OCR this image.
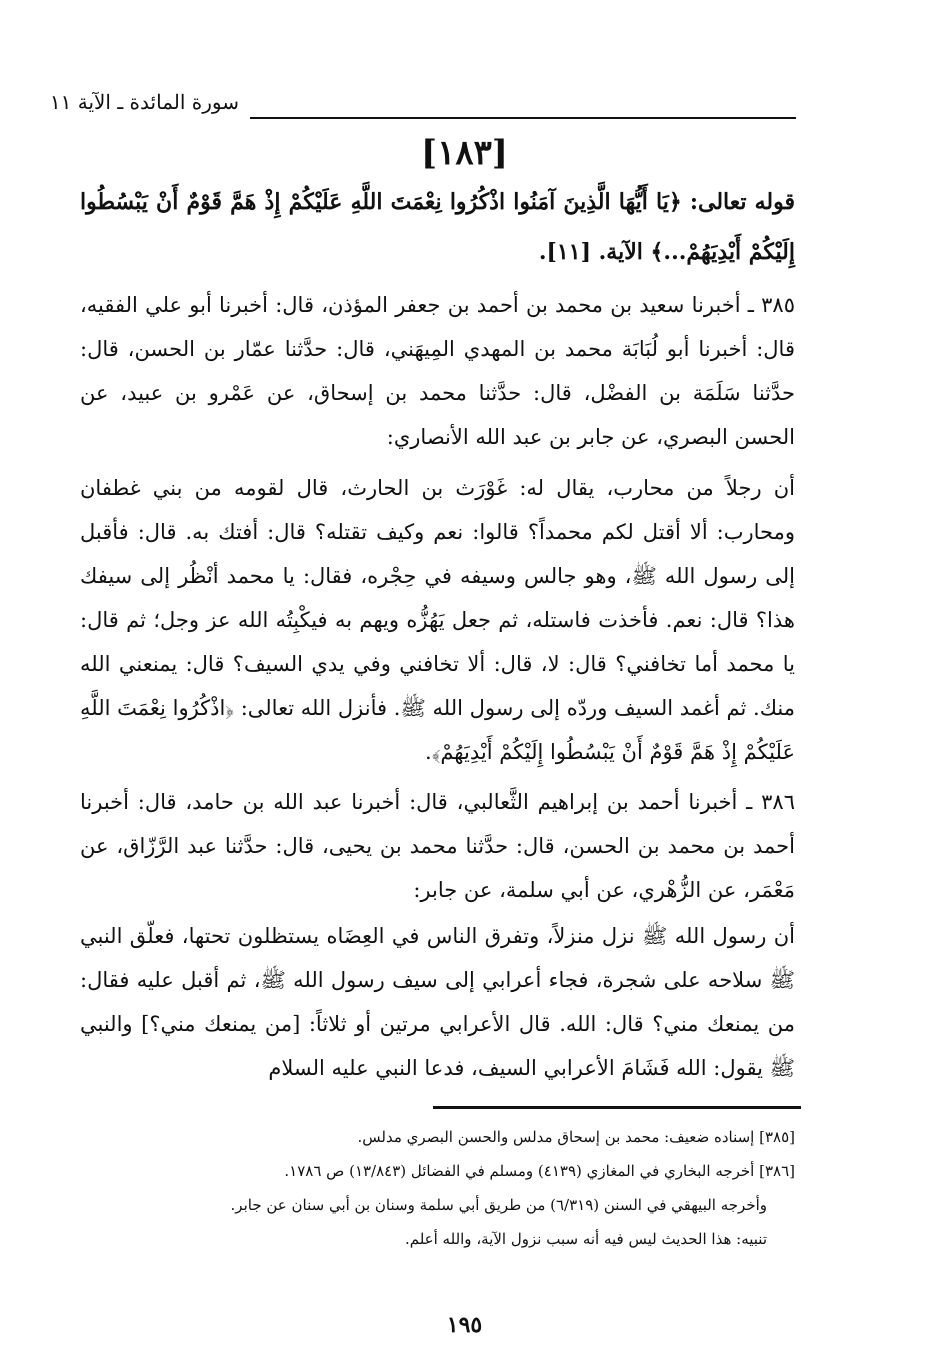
سورة المائدة ـ الآية ١١
[١٨٣]

قوله تعالى: ﴿يَا أَيُّهَا الَّذِينَ آمَنُوا اذْكُرُوا نِعْمَتَ اللَّهِ عَلَيْكُمْ إِذْ هَمَّ قَوْمٌ أَنْ يَبْسُطُوا إِلَيْكُمْ أَيْدِيَهُمْ...﴾ الآية. [١١].

٣٨٥ ـ أخبرنا سعيد بن محمد بن أحمد بن جعفر المؤذن، قال: أخبرنا أبو علي الفقيه، قال: أخبرنا أبو لُبَابَة محمد بن المهدي المِيهَني، قال: حدَّثنا عمّار بن الحسن، قال: حدَّثنا سَلَمَة بن الفضْل، قال: حدَّثنا محمد بن إسحاق، عن عَمْرو بن عبيد، عن الحسن البصري، عن جابر بن عبد الله الأنصاري:

أن رجلاً من محارب، يقال له: غَوْرَث بن الحارث، قال لقومه من بني غطفان ومحارب: ألا أقتل لكم محمداً؟ قالوا: نعم وكيف تقتله؟ قال: أفتك به. قال: فأقبل إلى رسول الله ﷺ، وهو جالس وسيفه في حِجْره، فقال: يا محمد أنْظُر إلى سيفك هذا؟ قال: نعم. فأخذت فاستله، ثم جعل يَهُزُّه ويهم به فيكْبِتُه الله عز وجل؛ ثم قال: يا محمد أما تخافني؟ قال: لا، قال: ألا تخافني وفي يدي السيف؟ قال: يمنعني الله منك. ثم أغمد السيف وردّه إلى رسول الله ﷺ. فأنزل الله تعالى: ﴿اذْكُرُوا نِعْمَتَ اللَّهِ عَلَيْكُمْ إِذْ هَمَّ قَوْمٌ أَنْ يَبْسُطُوا إِلَيْكُمْ أَيْدِيَهُمْ﴾.

٣٨٦ ـ أخبرنا أحمد بن إبراهيم الثَّعالبي، قال: أخبرنا عبد الله بن حامد، قال: أخبرنا أحمد بن محمد بن الحسن، قال: حدَّثنا محمد بن يحيى، قال: حدَّثنا عبد الرَّزّاق، عن مَعْمَر، عن الزُّهْري، عن أبي سلمة، عن جابر:

أن رسول الله ﷺ نزل منزلاً، وتفرق الناس في العِضَاه يستظلون تحتها، فعلّق النبي ﷺ سلاحه على شجرة، فجاء أعرابي إلى سيف رسول الله ﷺ، ثم أقبل عليه فقال: من يمنعك مني؟ قال: الله. قال الأعرابي مرتين أو ثلاثاً: [من يمنعك مني؟] والنبي ﷺ يقول: الله فَشَامَ الأعرابي السيف، فدعا النبي عليه السلام

[٣٨٥] إسناده ضعيف: محمد بن إسحاق مدلس والحسن البصري مدلس.

[٣٨٦] أخرجه البخاري في المغازي (٤١٣٩) ومسلم في الفضائل (١٣/٨٤٣) ص ١٧٨٦.

وأخرجه البيهقي في السنن (٦/٣١٩) من طريق أبي سلمة وسنان بن أبي سنان عن جابر.

تنبيه: هذا الحديث ليس فيه أنه سبب نزول الآية، والله أعلم.

١٩٥
